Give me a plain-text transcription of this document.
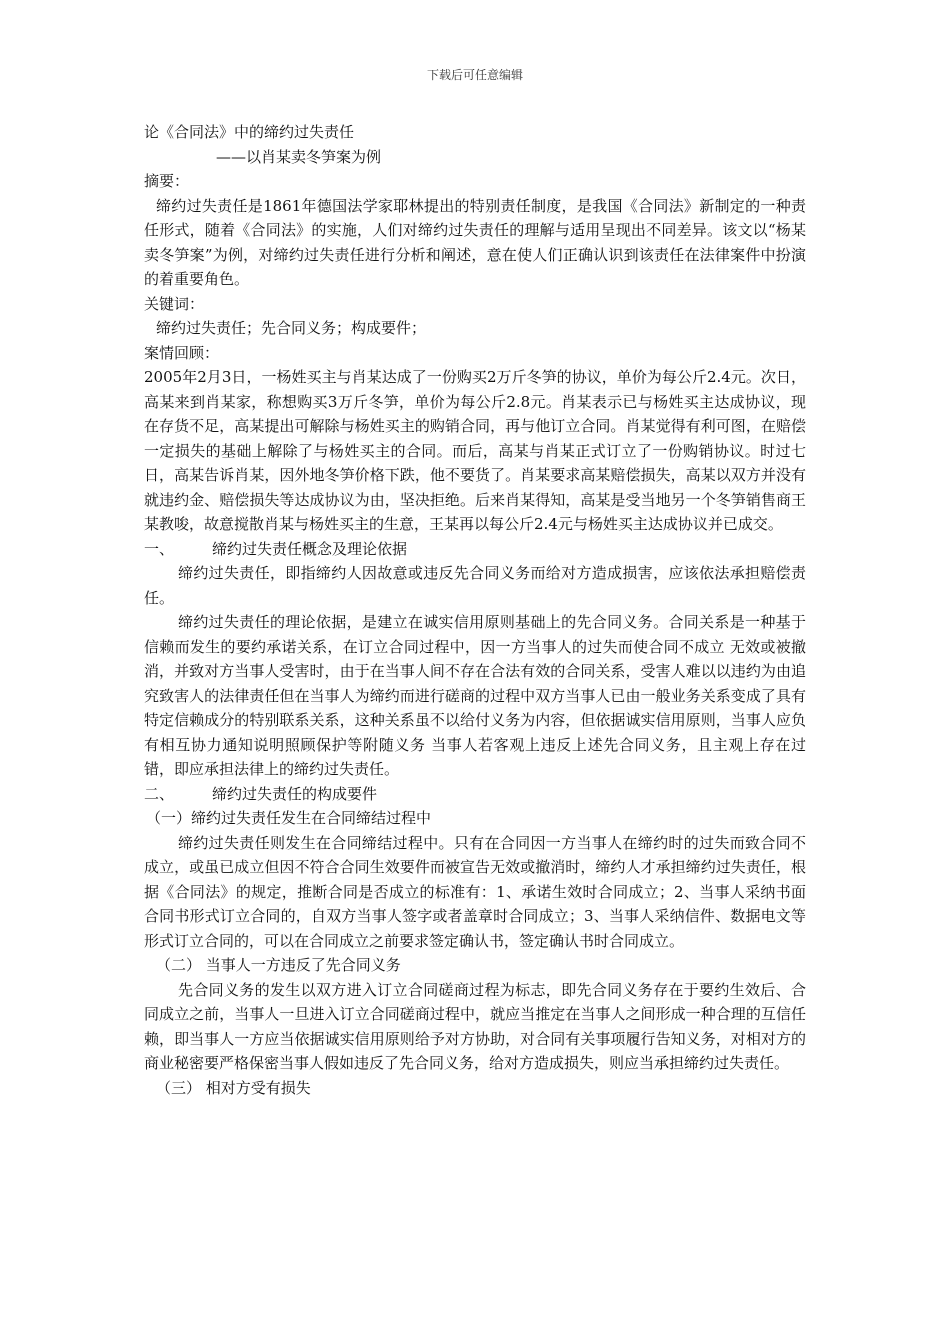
下载后可任意编辑

论《合同法》中的缔约过失责任

——以肖某卖冬笋案为例

摘要：

缔约过失责任是1861年德国法学家耶林提出的特别责任制度，是我国《合同法》新制定的一种责任形式，随着《合同法》的实施，人们对缔约过失责任的理解与适用呈现出不同差异。该文以“杨某卖冬笋案”为例，对缔约过失责任进行分析和阐述，意在使人们正确认识到该责任在法律案件中扮演的着重要角色。

关键词：

缔约过失责任；先合同义务；构成要件；

案情回顾：

2005年2月3日，一杨姓买主与肖某达成了一份购买2万斤冬笋的协议，单价为每公斤2.4元。次日，高某来到肖某家，称想购买3万斤冬笋，单价为每公斤2.8元。肖某表示已与杨姓买主达成协议，现在存货不足，高某提出可解除与杨姓买主的购销合同，再与他订立合同。肖某觉得有利可图，在赔偿一定损失的基础上解除了与杨姓买主的合同。而后，高某与肖某正式订立了一份购销协议。时过七日，高某告诉肖某，因外地冬笋价格下跌，他不要货了。肖某要求高某赔偿损失，高某以双方并没有就违约金、赔偿损失等达成协议为由，坚决拒绝。后来肖某得知，高某是受当地另一个冬笋销售商王某教唆，故意搅散肖某与杨姓买主的生意，王某再以每公斤2.4元与杨姓买主达成协议并已成交。

一、	缔约过失责任概念及理论依据

缔约过失责任，即指缔约人因故意或违反先合同义务而给对方造成损害，应该依法承担赔偿责任。

缔约过失责任的理论依据，是建立在诚实信用原则基础上的先合同义务。合同关系是一种基于信赖而发生的要约承诺关系，在订立合同过程中，因一方当事人的过失而使合同不成立 无效或被撤消，并致对方当事人受害时，由于在当事人间不存在合法有效的合同关系，受害人难以以违约为由追究致害人的法律责任但在当事人为缔约而进行磋商的过程中双方当事人已由一般业务关系变成了具有特定信赖成分的特别联系关系，这种关系虽不以给付义务为内容，但依据诚实信用原则，当事人应负有相互协力通知说明照顾保护等附随义务 当事人若客观上违反上述先合同义务，且主观上存在过错，即应承担法律上的缔约过失责任。

二、	缔约过失责任的构成要件

（一）缔约过失责任发生在合同缔结过程中

缔约过失责任则发生在合同缔结过程中。只有在合同因一方当事人在缔约时的过失而致合同不成立，或虽已成立但因不符合合同生效要件而被宣告无效或撤消时，缔约人才承担缔约过失责任，根据《合同法》的规定，推断合同是否成立的标准有：1、承诺生效时合同成立；2、当事人采纳书面合同书形式订立合同的，自双方当事人签字或者盖章时合同成立；3、当事人采纳信件、数据电文等形式订立合同的，可以在合同成立之前要求签定确认书，签定确认书时合同成立。

（二） 当事人一方违反了先合同义务

先合同义务的发生以双方进入订立合同磋商过程为标志，即先合同义务存在于要约生效后、合同成立之前，当事人一旦进入订立合同磋商过程中，就应当推定在当事人之间形成一种合理的互信任赖，即当事人一方应当依据诚实信用原则给予对方协助，对合同有关事项履行告知义务，对相对方的商业秘密要严格保密当事人假如违反了先合同义务，给对方造成损失，则应当承担缔约过失责任。

（三） 相对方受有损失
